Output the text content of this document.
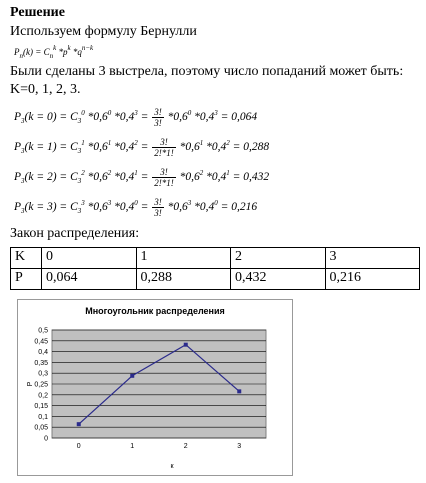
Решение
Используем формулу Бернулли
$P_n(k) = C_n^k$ $*p^k$ $*q^{n-k}$
Были сделаны 3 выстрела, поэтому число попаданий может быть:
K=0, 1, 2, 3.
$P_3(k = 0) = C_3^0$ $*0,6^0$ $*0,4^3 = \frac{3!}{3!} *0,6^0$ $*0,4^3 = 0,064$
$P_3(k = 1) = C_3^1$ $*0,6^1$ $*0,4^2 = \frac{3!}{2!*1!} *0,6^1$ $*0,4^2 = 0,288$
$P_3(k = 2) = C_3^2$ $*0,6^2$ $*0,4^1 = \frac{3!}{2!*1!} *0,6^2$ $*0,4^1 = 0,432$
$P_3(k = 3) = C_3^3$ $*0,6^3$ $*0,4^0 = \frac{3!}{3!} *0,6^3$ $*0,4^0 = 0,216$
Закон распределения:
K	0	1	2	3
P	0,064	0,288	0,432	0,216
Многоугольник распределения
0
0,05
0,1
0,15
0,2
0,25
0,3
0,35
0,4
0,45
0,5
0	1	2	3
P
к
